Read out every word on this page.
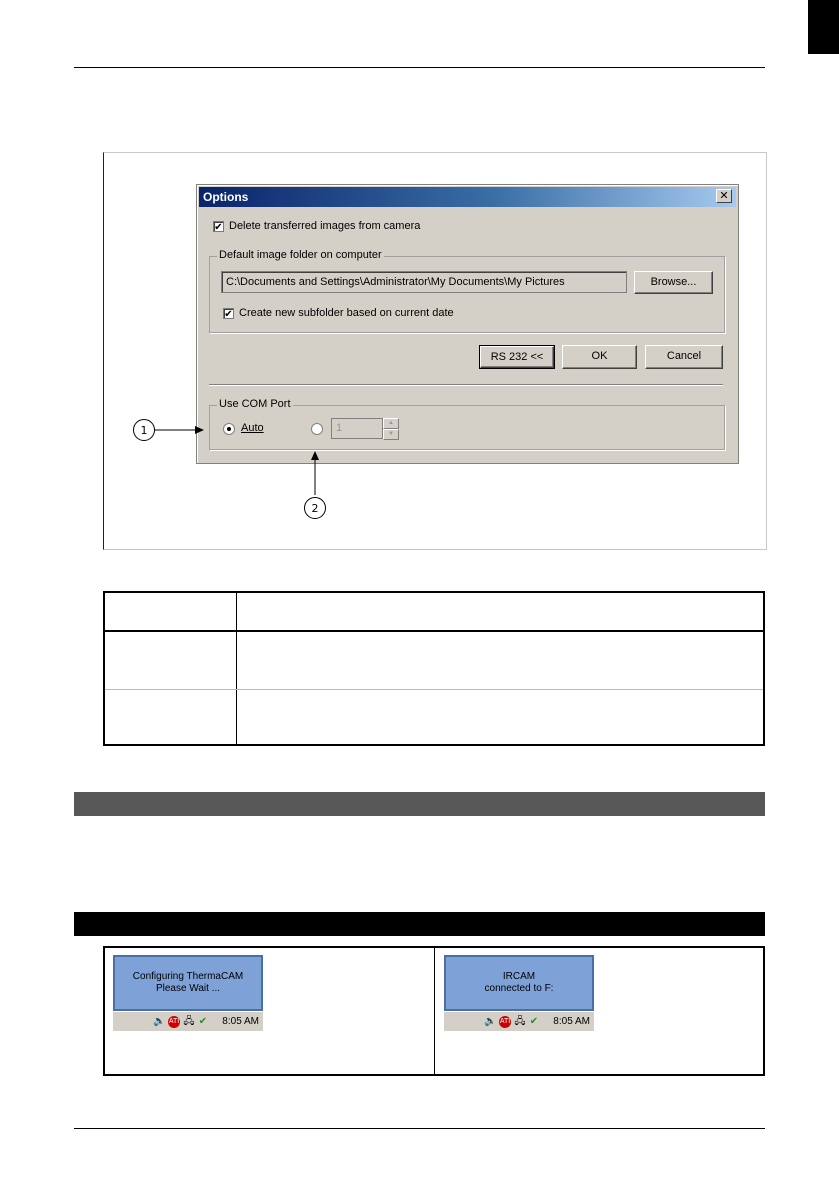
Options	✕
✔ Delete transferred images from camera
Default image folder on computer
C:\Documents and Settings\Administrator\My Documents\My Pictures	Browse...
✔ Create new subfolder based on current date
RS 232 <<	OK	Cancel
Use COM Port
Auto	1	▲
▼
1
2
Configuring ThermaCAM
Please Wait ...
🔈 ATI 🖧 ✔ 8:05 AM
IRCAM
connected to F:
🔈 ATI 🖧 ✔ 8:05 AM
